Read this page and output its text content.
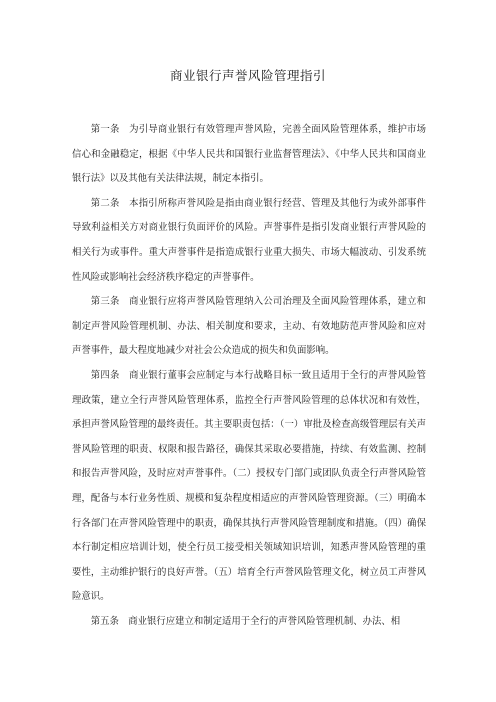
商业银行声誉风险管理指引

第一条　为引导商业银行有效管理声誉风险，完善全面风险管理体系，维护市场信心和金融稳定，根据《中华人民共和国银行业监督管理法》、《中华人民共和国商业银行法》以及其他有关法律法规，制定本指引。

第二条　本指引所称声誉风险是指由商业银行经营、管理及其他行为或外部事件导致利益相关方对商业银行负面评价的风险。声誉事件是指引发商业银行声誉风险的相关行为或事件。重大声誉事件是指造成银行业重大损失、市场大幅波动、引发系统性风险或影响社会经济秩序稳定的声誉事件。

第三条　商业银行应将声誉风险管理纳入公司治理及全面风险管理体系，建立和制定声誉风险管理机制、办法、相关制度和要求，主动、有效地防范声誉风险和应对声誉事件，最大程度地减少对社会公众造成的损失和负面影响。

第四条　商业银行董事会应制定与本行战略目标一致且适用于全行的声誉风险管理政策，建立全行声誉风险管理体系，监控全行声誉风险管理的总体状况和有效性，承担声誉风险管理的最终责任。其主要职责包括：（一）审批及检查高级管理层有关声誉风险管理的职责、权限和报告路径，确保其采取必要措施，持续、有效监测、控制和报告声誉风险，及时应对声誉事件。（二）授权专门部门或团队负责全行声誉风险管理，配备与本行业务性质、规模和复杂程度相适应的声誉风险管理资源。（三）明确本行各部门在声誉风险管理中的职责，确保其执行声誉风险管理制度和措施。（四）确保本行制定相应培训计划，使全行员工接受相关领域知识培训，知悉声誉风险管理的重要性，主动维护银行的良好声誉。（五）培育全行声誉风险管理文化，树立员工声誉风险意识。

第五条　商业银行应建立和制定适用于全行的声誉风险管理机制、办法、相
